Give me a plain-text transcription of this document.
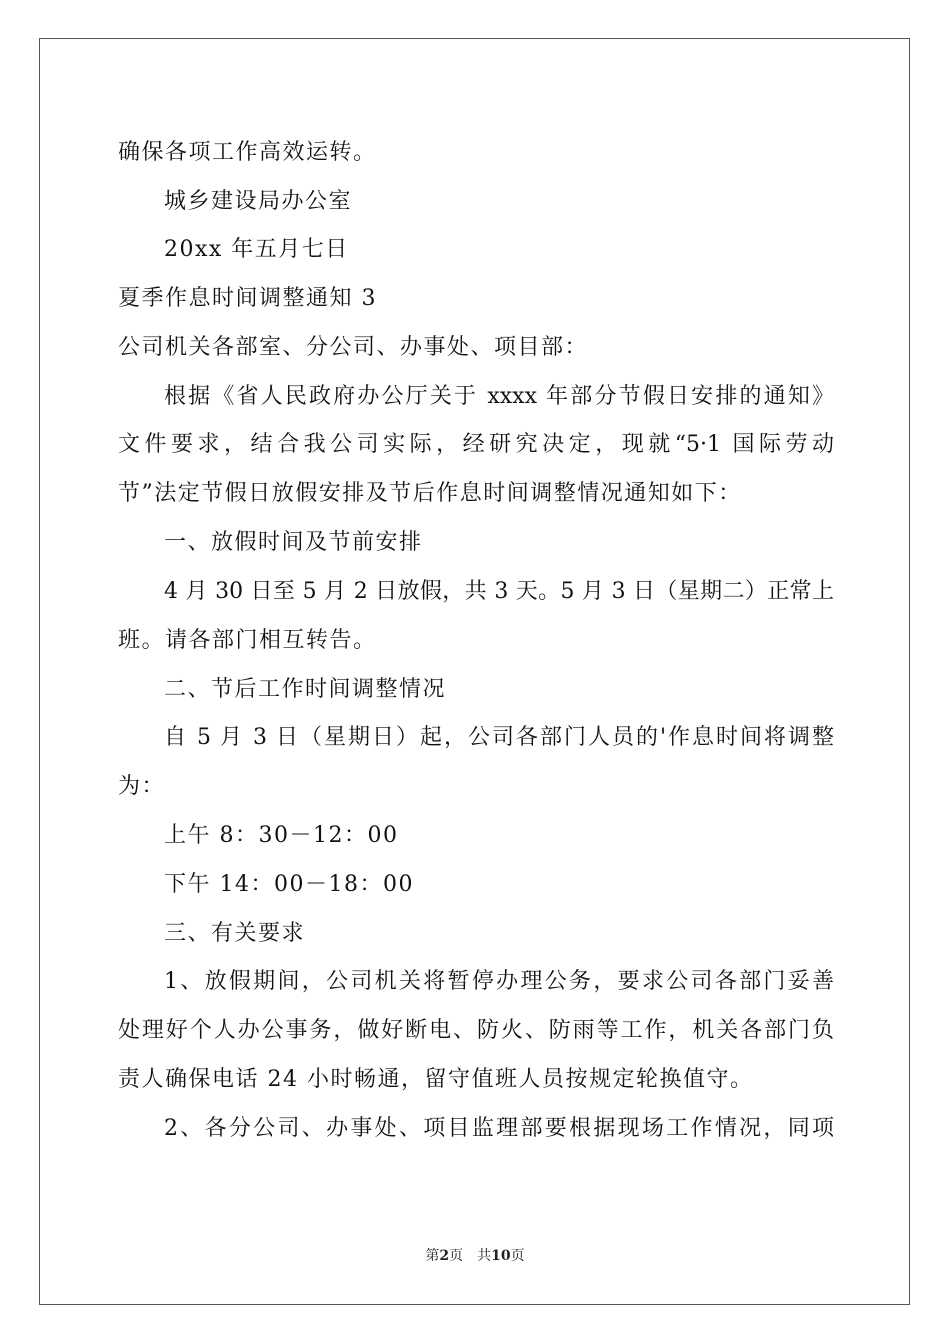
确保各项工作高效运转。
城乡建设局办公室
20xx 年五月七日
夏季作息时间调整通知 3
公司机关各部室、分公司、办事处、项目部：
根据《省人民政府办公厅关于 xxxx 年部分节假日安排的通知》
文件要求，结合我公司实际，经研究决定，现就“5·1 国际劳动
节”法定节假日放假安排及节后作息时间调整情况通知如下：
一、放假时间及节前安排
4 月 30 日至 5 月 2 日放假，共 3 天。5 月 3 日（星期二）正常上
班。请各部门相互转告。
二、节后工作时间调整情况
自 5 月 3 日（星期日）起，公司各部门人员的'作息时间将调整
为：
上午 8：30－12：00
下午 14：00－18：00
三、有关要求
1、放假期间，公司机关将暂停办理公务，要求公司各部门妥善
处理好个人办公事务，做好断电、防火、防雨等工作，机关各部门负
责人确保电话 24 小时畅通，留守值班人员按规定轮换值守。
2、各分公司、办事处、项目监理部要根据现场工作情况，同项
第2页　共10页
